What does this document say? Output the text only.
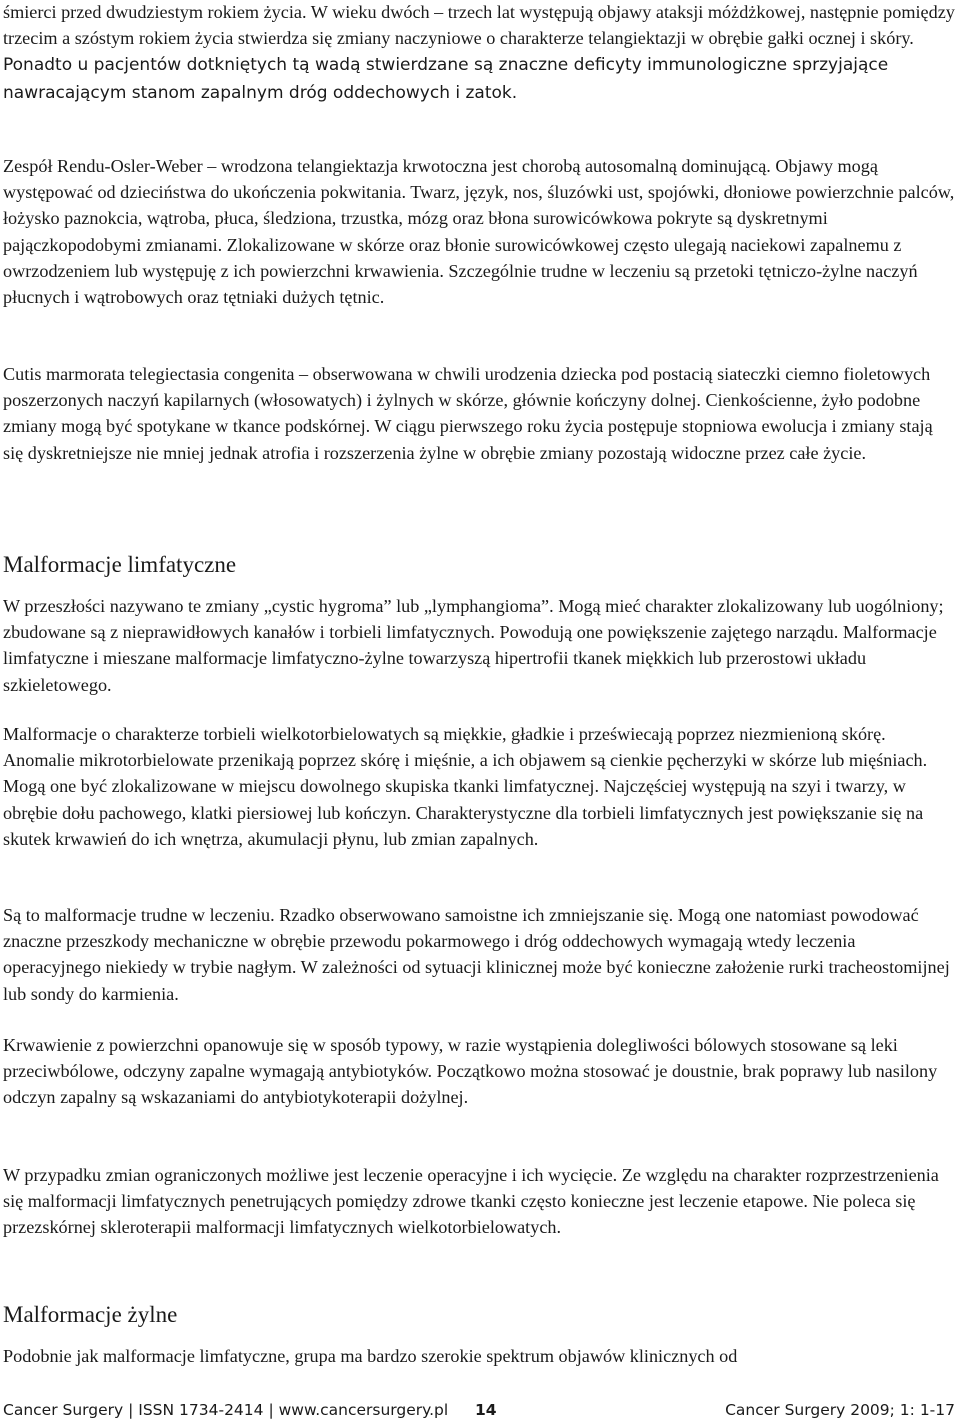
śmierci przed dwudziestym rokiem życia. W wieku dwóch – trzech lat występują objawy ataksji móżdżkowej, następnie pomiędzy trzecim a szóstym rokiem życia stwierdza się zmiany naczyniowe o charakterze telangiektazji w obrębie gałki ocznej i skóry. Ponadto u pacjentów dotkniętych tą wadą stwierdzane są znaczne deficyty immunologiczne sprzyjające nawracającym stanom zapalnym dróg oddechowych i zatok.

Zespół Rendu-Osler-Weber – wrodzona telangiektazja krwotoczna jest chorobą autosomalną dominującą. Objawy mogą występować od dzieciństwa do ukończenia pokwitania. Twarz, język, nos, śluzówki ust, spojówki, dłoniowe powierzchnie palców, łożysko paznokcia, wątroba, płuca, śledziona, trzustka, mózg oraz błona surowicówkowa pokryte są dyskretnymi pajączkopodobymi zmianami. Zlokalizowane w skórze oraz błonie surowicówkowej często ulegają naciekowi zapalnemu z owrzodzeniem lub występuję z ich powierzchni krwawienia. Szczególnie trudne w leczeniu są przetoki tętniczo-żylne naczyń płucnych i wątrobowych oraz tętniaki dużych tętnic.

Cutis marmorata telegiectasia congenita – obserwowana w chwili urodzenia dziecka pod postacią siateczki ciemno fioletowych poszerzonych naczyń kapilarnych (włosowatych) i żylnych w skórze, głównie kończyny dolnej. Cienkościenne, żyło podobne zmiany mogą być spotykane w tkance podskórnej. W ciągu pierwszego roku życia postępuje stopniowa ewolucja i zmiany stają się dyskretniejsze nie mniej jednak atrofia i rozszerzenia żylne w obrębie zmiany pozostają widoczne przez całe życie.

Malformacje limfatyczne

W przeszłości nazywano te zmiany „cystic hygroma” lub „lymphangioma”. Mogą mieć charakter zlokalizowany lub uogólniony; zbudowane są z nieprawidłowych kanałów i torbieli limfatycznych. Powodują one powiększenie zajętego narządu. Malformacje limfatyczne i mieszane malformacje limfatyczno-żylne towarzyszą hipertrofii tkanek miękkich lub przerostowi układu szkieletowego.

Malformacje o charakterze torbieli wielkotorbielowatych są miękkie, gładkie i przeświecają poprzez niezmienioną skórę. Anomalie mikrotorbielowate przenikają poprzez skórę i mięśnie, a ich objawem są cienkie pęcherzyki w skórze lub mięśniach. Mogą one być zlokalizowane w miejscu dowolnego skupiska tkanki limfatycznej. Najczęściej występują na szyi i twarzy, w obrębie dołu pachowego, klatki piersiowej lub kończyn. Charakterystyczne dla torbieli limfatycznych jest powiększanie się na skutek krwawień do ich wnętrza, akumulacji płynu, lub zmian zapalnych.

Są to malformacje trudne w leczeniu. Rzadko obserwowano samoistne ich zmniejszanie się. Mogą one natomiast powodować znaczne przeszkody mechaniczne w obrębie przewodu pokarmowego i dróg oddechowych wymagają wtedy leczenia operacyjnego niekiedy w trybie nagłym. W zależności od sytuacji klinicznej może być konieczne założenie rurki tracheostomijnej lub sondy do karmienia.

Krwawienie z powierzchni opanowuje się w sposób typowy, w razie wystąpienia dolegliwości bólowych stosowane są leki przeciwbólowe, odczyny zapalne wymagają antybiotyków. Początkowo można stosować je doustnie, brak poprawy lub nasilony odczyn zapalny są wskazaniami do antybiotykoterapii dożylnej.

W przypadku zmian ograniczonych możliwe jest leczenie operacyjne i ich wycięcie. Ze względu na charakter rozprzestrzenienia się malformacji limfatycznych penetrujących pomiędzy zdrowe tkanki często konieczne jest leczenie etapowe. Nie poleca się przezskórnej skleroterapii malformacji limfatycznych wielkotorbielowatych.

Malformacje żylne

Podobnie jak malformacje limfatyczne, grupa ma bardzo szerokie spektrum objawów klinicznych od

Cancer Surgery | ISSN 1734-2414 | www.cancersurgery.pl 14	Cancer Surgery 2009; 1: 1-17
